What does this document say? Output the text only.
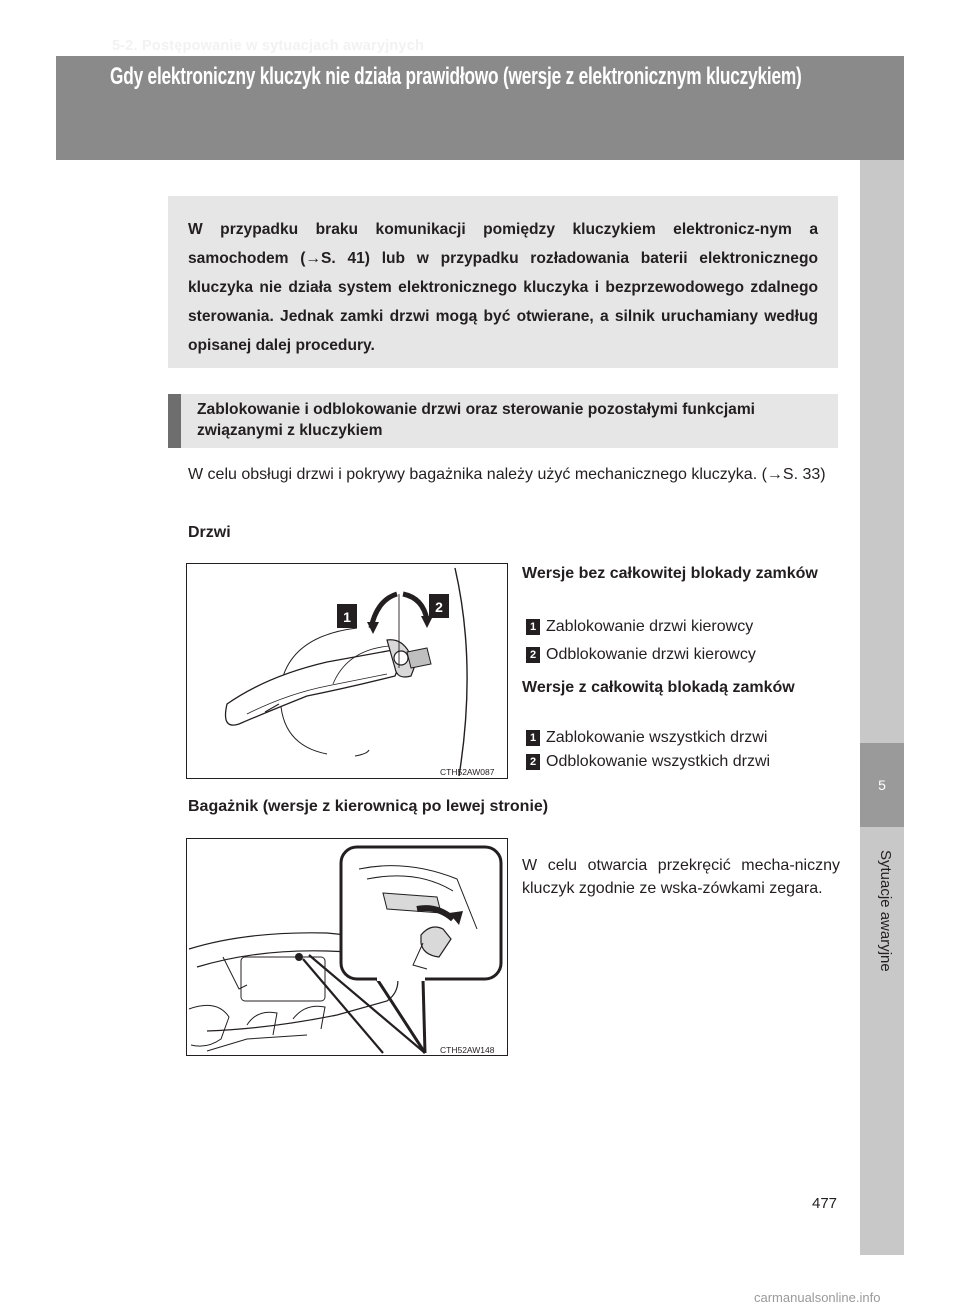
5-2. Postępowanie w sytuacjach awaryjnych
Gdy elektroniczny kluczyk nie działa prawidłowo (wersje z elektronicznym kluczykiem)
5
Sytuacje awaryjne

W przypadku braku komunikacji pomiędzy kluczykiem elektronicz-nym a samochodem (→S. 41) lub w przypadku rozładowania baterii elektronicznego kluczyka nie działa system elektronicznego kluczyka i bezprzewodowego zdalnego sterowania. Jednak zamki drzwi mogą być otwierane, a silnik uruchamiany według opisanej dalej procedury.

Zablokowanie i odblokowanie drzwi oraz sterowanie pozostałymi funkcjami związanymi z kluczykiem

W celu obsługi drzwi i pokrywy bagażnika należy użyć mechanicznego kluczyka. (→S. 33)

Drzwi
1
2
CTH52AW087
Wersje bez całkowitej blokady zamków
1 Zablokowanie drzwi kierowcy
2 Odblokowanie drzwi kierowcy
Wersje z całkowitą blokadą zamków
1 Zablokowanie wszystkich drzwi
2 Odblokowanie wszystkich drzwi
Bagażnik (wersje z kierownicą po lewej stronie)
CTH52AW148

W celu otwarcia przekręcić mecha-niczny kluczyk zgodnie ze wska-zówkami zegara.

477
carmanualsonline.info
